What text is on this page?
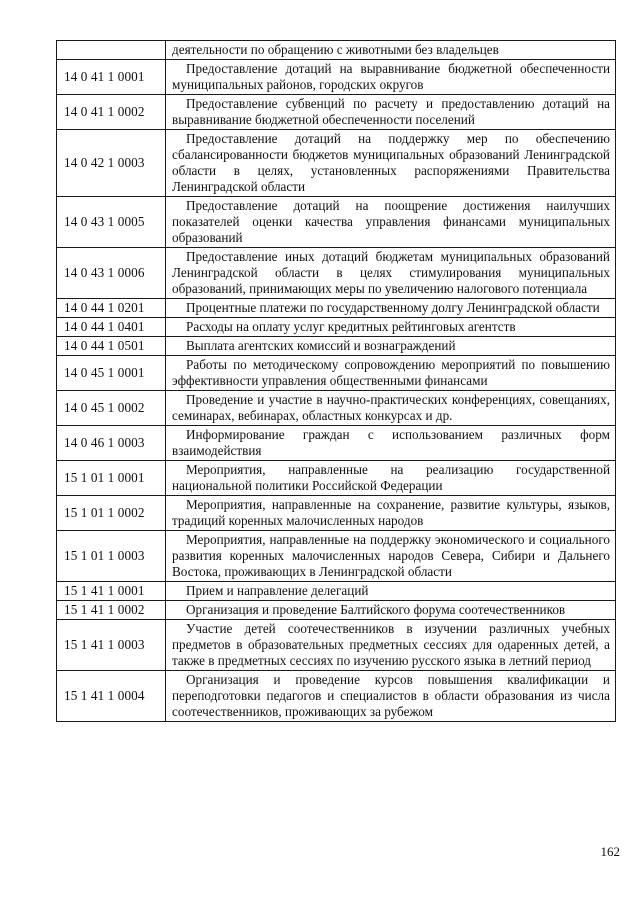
	деятельности по обращению с животными без владельцев

14 0 41 1 0001	Предоставление дотаций на выравнивание бюджетной обеспеченности муниципальных районов, городских округов

14 0 41 1 0002	Предоставление субвенций по расчету и предоставлению дотаций на выравнивание бюджетной обеспеченности поселений

14 0 42 1 0003	Предоставление дотаций на поддержку мер по обеспечению сбалансированности бюджетов муниципальных образований Ленинградской области в целях, установленных распоряжениями Правительства Ленинградской области

14 0 43 1 0005	Предоставление дотаций на поощрение достижения наилучших показателей оценки качества управления финансами муниципальных образований

14 0 43 1 0006	Предоставление иных дотаций бюджетам муниципальных образований Ленинградской области в целях стимулирования муниципальных образований, принимающих меры по увеличению налогового потенциала

14 0 44 1 0201	Процентные платежи по государственному долгу Ленинградской области

14 0 44 1 0401	Расходы на оплату услуг кредитных рейтинговых агентств

14 0 44 1 0501	Выплата агентских комиссий и вознаграждений

14 0 45 1 0001	Работы по методическому сопровождению мероприятий по повышению эффективности управления общественными финансами

14 0 45 1 0002	Проведение и участие в научно-практических конференциях, совещаниях, семинарах, вебинарах, областных конкурсах и др.

14 0 46 1 0003	Информирование граждан с использованием различных форм взаимодействия

15 1 01 1 0001	Мероприятия, направленные на реализацию государственной национальной политики Российской Федерации

15 1 01 1 0002	Мероприятия, направленные на сохранение, развитие культуры, языков, традиций коренных малочисленных народов

15 1 01 1 0003	Мероприятия, направленные на поддержку экономического и социального развития коренных малочисленных народов Севера, Сибири и Дальнего Востока, проживающих в Ленинградской области

15 1 41 1 0001	Прием и направление делегаций

15 1 41 1 0002	Организация и проведение Балтийского форума соотечественников

15 1 41 1 0003	Участие детей соотечественников в изучении различных учебных предметов в образовательных предметных сессиях для одаренных детей, а также в предметных сессиях по изучению русского языка в летний период

15 1 41 1 0004	Организация и проведение курсов повышения квалификации и переподготовки педагогов и специалистов в области образования из числа соотечественников, проживающих за рубежом
162
